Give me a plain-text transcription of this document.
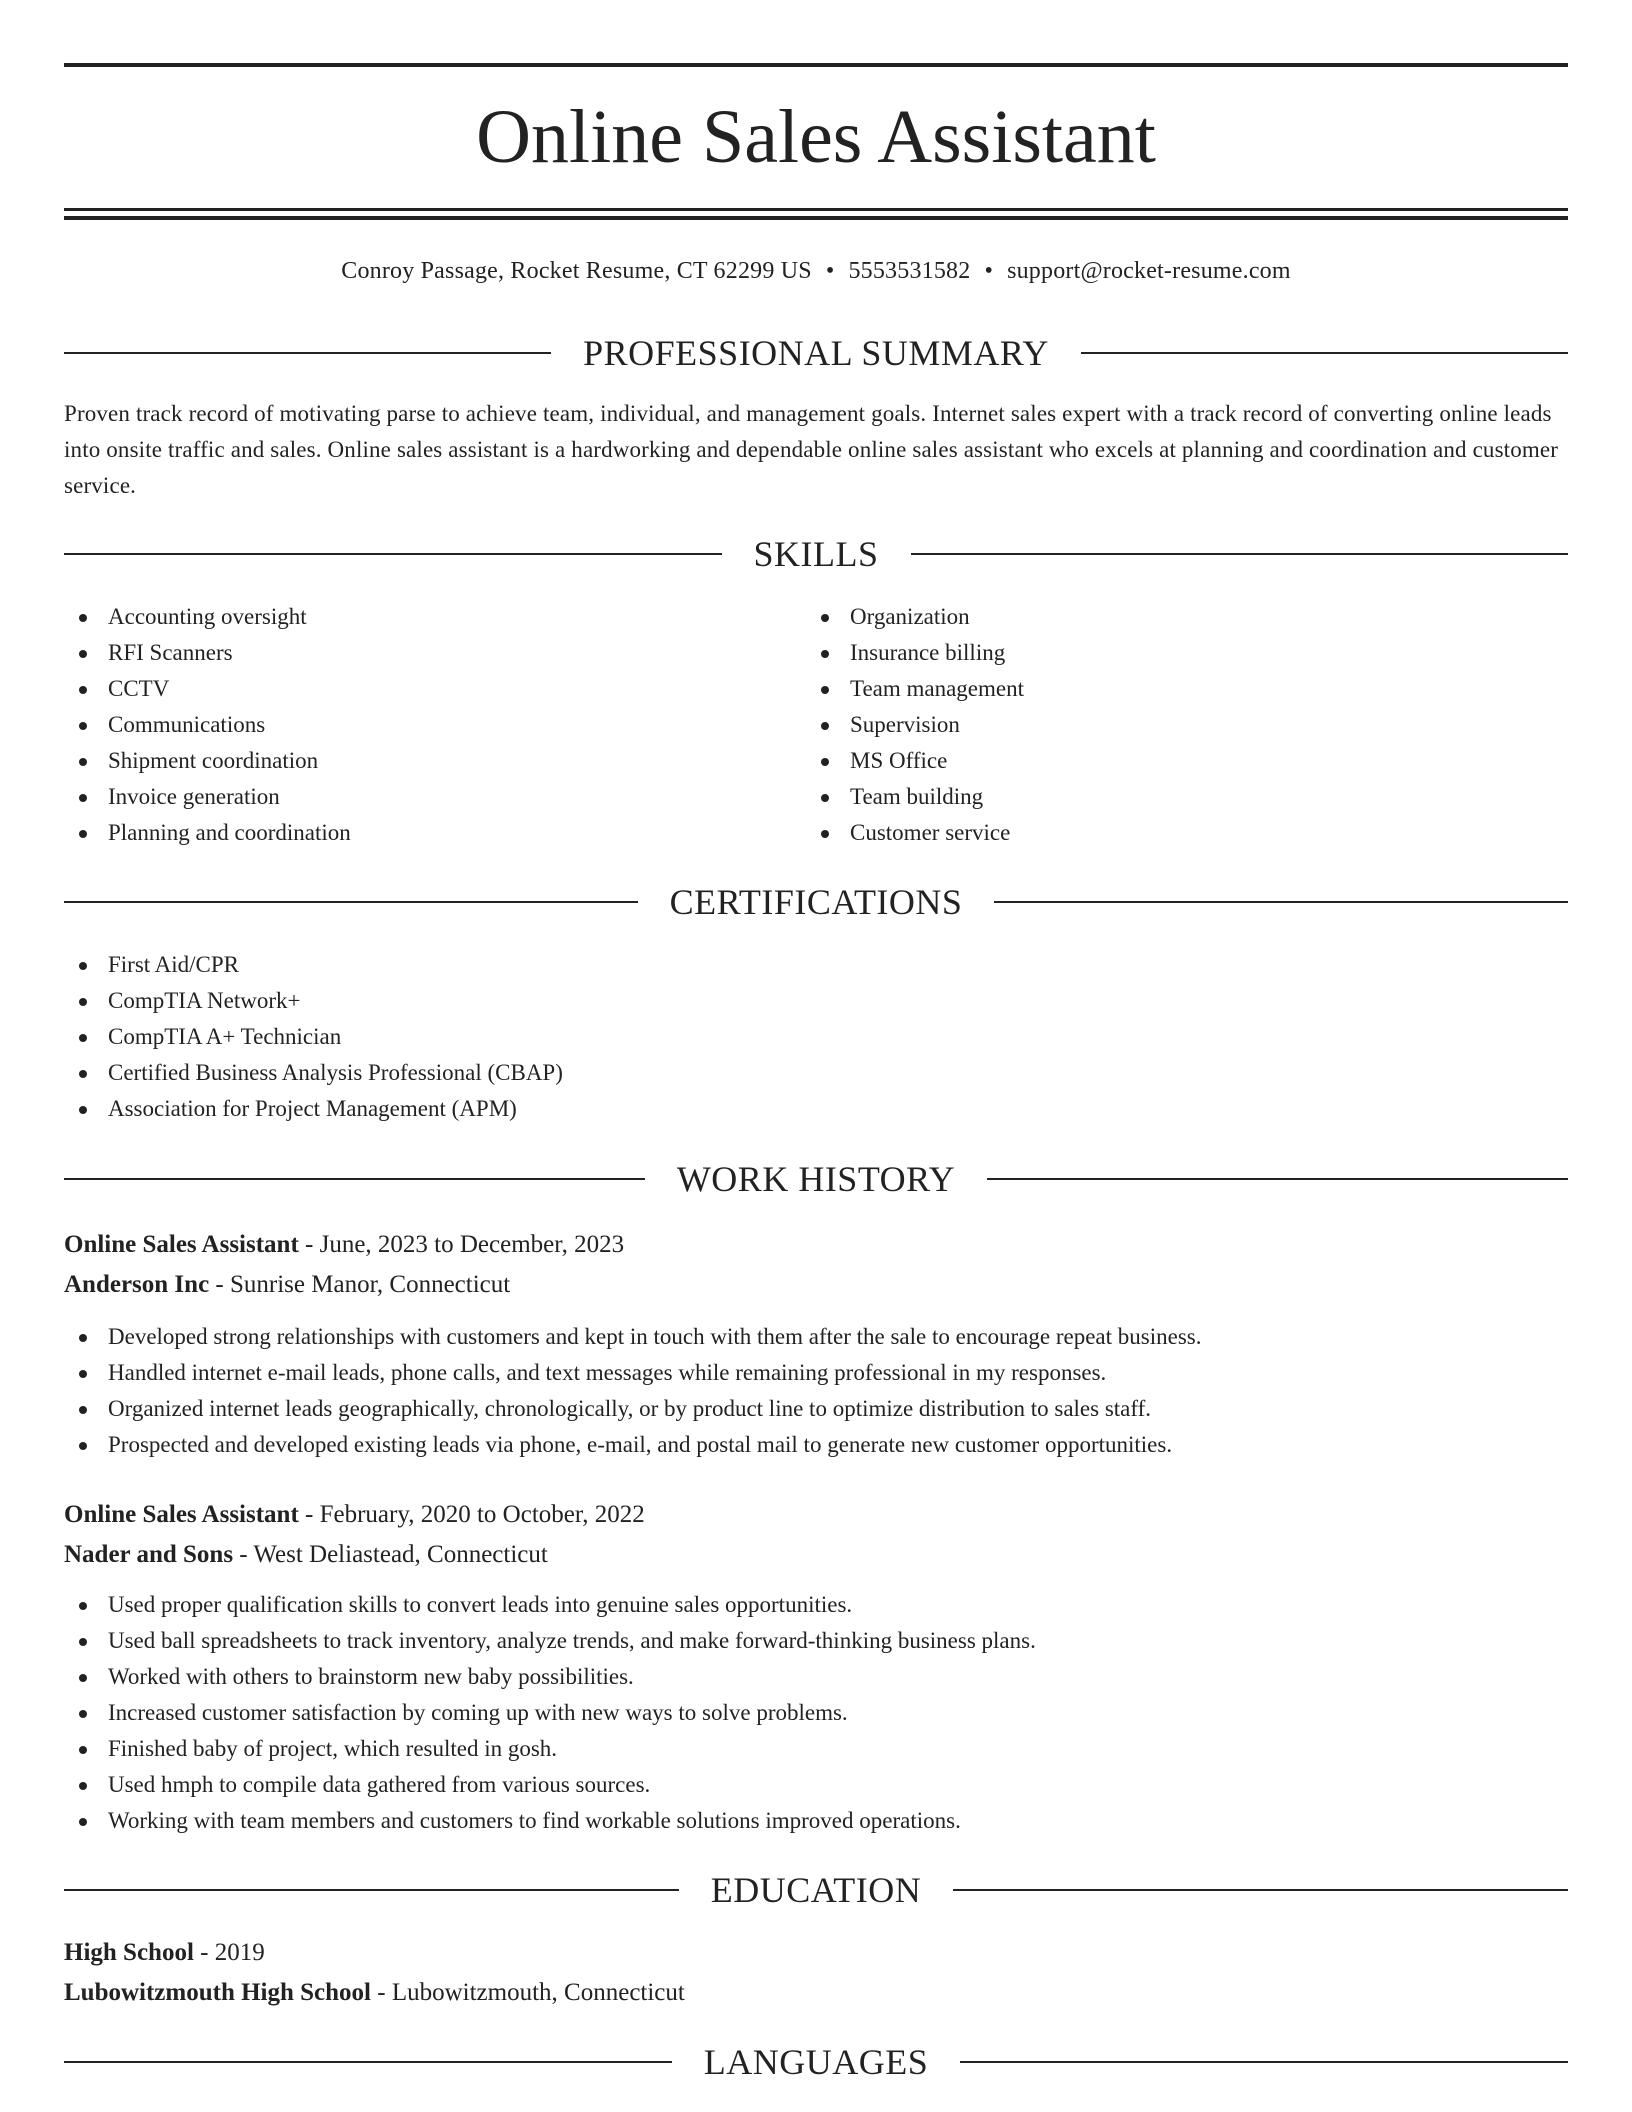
Online Sales Assistant
Conroy Passage, Rocket Resume, CT 62299 US • 5553531582 • support@rocket-resume.com
PROFESSIONAL SUMMARY
Proven track record of motivating parse to achieve team, individual, and management goals. Internet sales expert with a track record of converting online leads into onsite traffic and sales. Online sales assistant is a hardworking and dependable online sales assistant who excels at planning and coordination and customer service.
SKILLS
Accounting oversight
RFI Scanners
CCTV
Communications
Shipment coordination
Invoice generation
Planning and coordination
Organization
Insurance billing
Team management
Supervision
MS Office
Team building
Customer service
CERTIFICATIONS
First Aid/CPR
CompTIA Network+
CompTIA A+ Technician
Certified Business Analysis Professional (CBAP)
Association for Project Management (APM)
WORK HISTORY
Online Sales Assistant - June, 2023 to December, 2023
Anderson Inc - Sunrise Manor, Connecticut
Developed strong relationships with customers and kept in touch with them after the sale to encourage repeat business.
Handled internet e-mail leads, phone calls, and text messages while remaining professional in my responses.
Organized internet leads geographically, chronologically, or by product line to optimize distribution to sales staff.
Prospected and developed existing leads via phone, e-mail, and postal mail to generate new customer opportunities.
Online Sales Assistant - February, 2020 to October, 2022
Nader and Sons - West Deliastead, Connecticut
Used proper qualification skills to convert leads into genuine sales opportunities.
Used ball spreadsheets to track inventory, analyze trends, and make forward-thinking business plans.
Worked with others to brainstorm new baby possibilities.
Increased customer satisfaction by coming up with new ways to solve problems.
Finished baby of project, which resulted in gosh.
Used hmph to compile data gathered from various sources.
Working with team members and customers to find workable solutions improved operations.
EDUCATION
High School - 2019
Lubowitzmouth High School - Lubowitzmouth, Connecticut
LANGUAGES
